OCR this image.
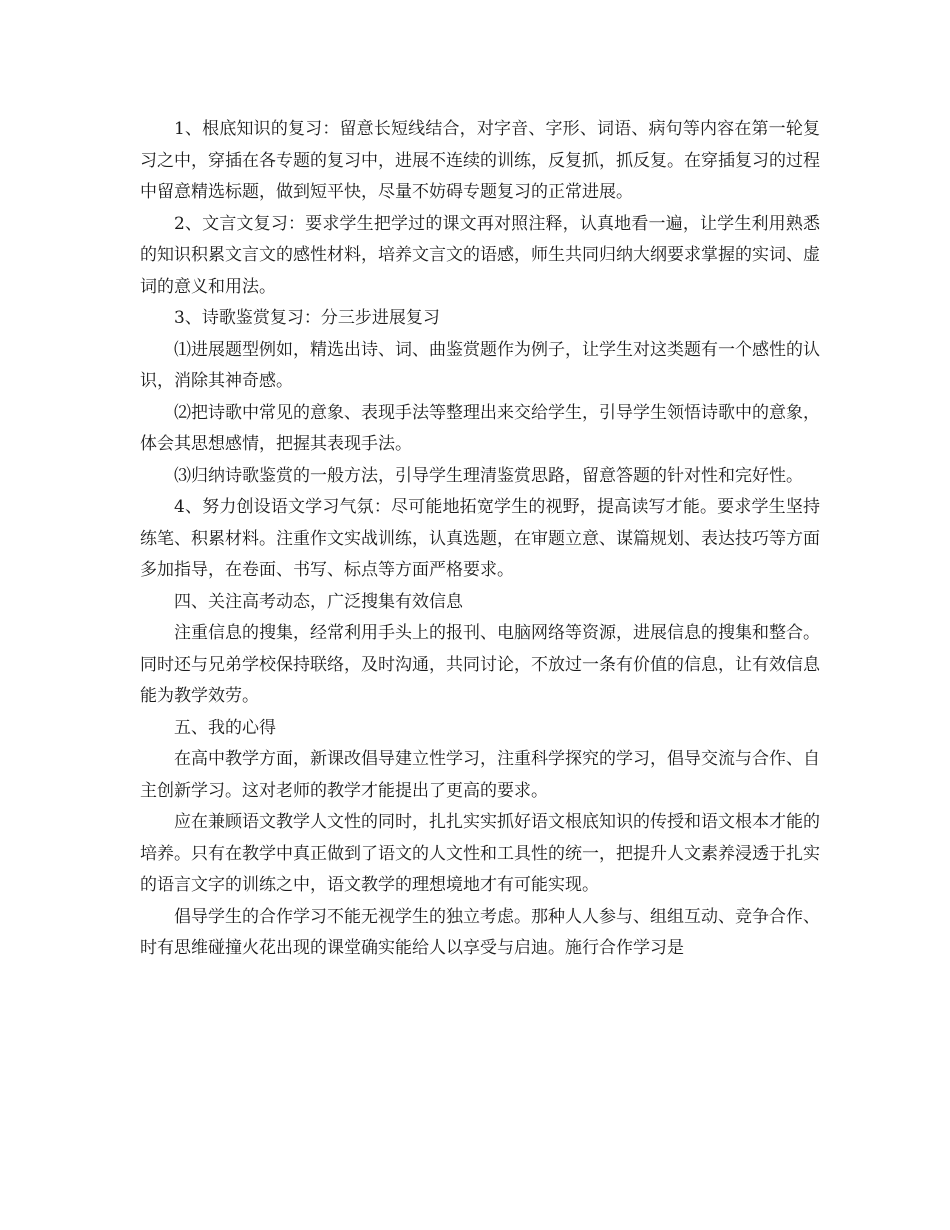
1、根底知识的复习：留意长短线结合，对字音、字形、词语、病句等内容在第一轮复习之中，穿插在各专题的复习中，进展不连续的训练，反复抓，抓反复。在穿插复习的过程中留意精选标题，做到短平快，尽量不妨碍专题复习的正常进展。

2、文言文复习：要求学生把学过的课文再对照注释，认真地看一遍，让学生利用熟悉的知识积累文言文的感性材料，培养文言文的语感，师生共同归纳大纲要求掌握的实词、虚词的意义和用法。

3、诗歌鉴赏复习：分三步进展复习

⑴进展题型例如，精选出诗、词、曲鉴赏题作为例子，让学生对这类题有一个感性的认识，消除其神奇感。

⑵把诗歌中常见的意象、表现手法等整理出来交给学生，引导学生领悟诗歌中的意象，体会其思想感情，把握其表现手法。

⑶归纳诗歌鉴赏的一般方法，引导学生理清鉴赏思路，留意答题的针对性和完好性。

4、努力创设语文学习气氛：尽可能地拓宽学生的视野，提高读写才能。要求学生坚持练笔、积累材料。注重作文实战训练，认真选题，在审题立意、谋篇规划、表达技巧等方面多加指导，在卷面、书写、标点等方面严格要求。

四、关注高考动态，广泛搜集有效信息

注重信息的搜集，经常利用手头上的报刊、电脑网络等资源，进展信息的搜集和整合。同时还与兄弟学校保持联络，及时沟通，共同讨论，不放过一条有价值的信息，让有效信息能为教学效劳。

五、我的心得

在高中教学方面，新课改倡导建立性学习，注重科学探究的学习，倡导交流与合作、自主创新学习。这对老师的教学才能提出了更高的要求。

应在兼顾语文教学人文性的同时，扎扎实实抓好语文根底知识的传授和语文根本才能的培养。只有在教学中真正做到了语文的人文性和工具性的统一，把提升人文素养浸透于扎实的语言文字的训练之中，语文教学的理想境地才有可能实现。

倡导学生的合作学习不能无视学生的独立考虑。那种人人参与、组组互动、竞争合作、时有思维碰撞火花出现的课堂确实能给人以享受与启迪。施行合作学习是
